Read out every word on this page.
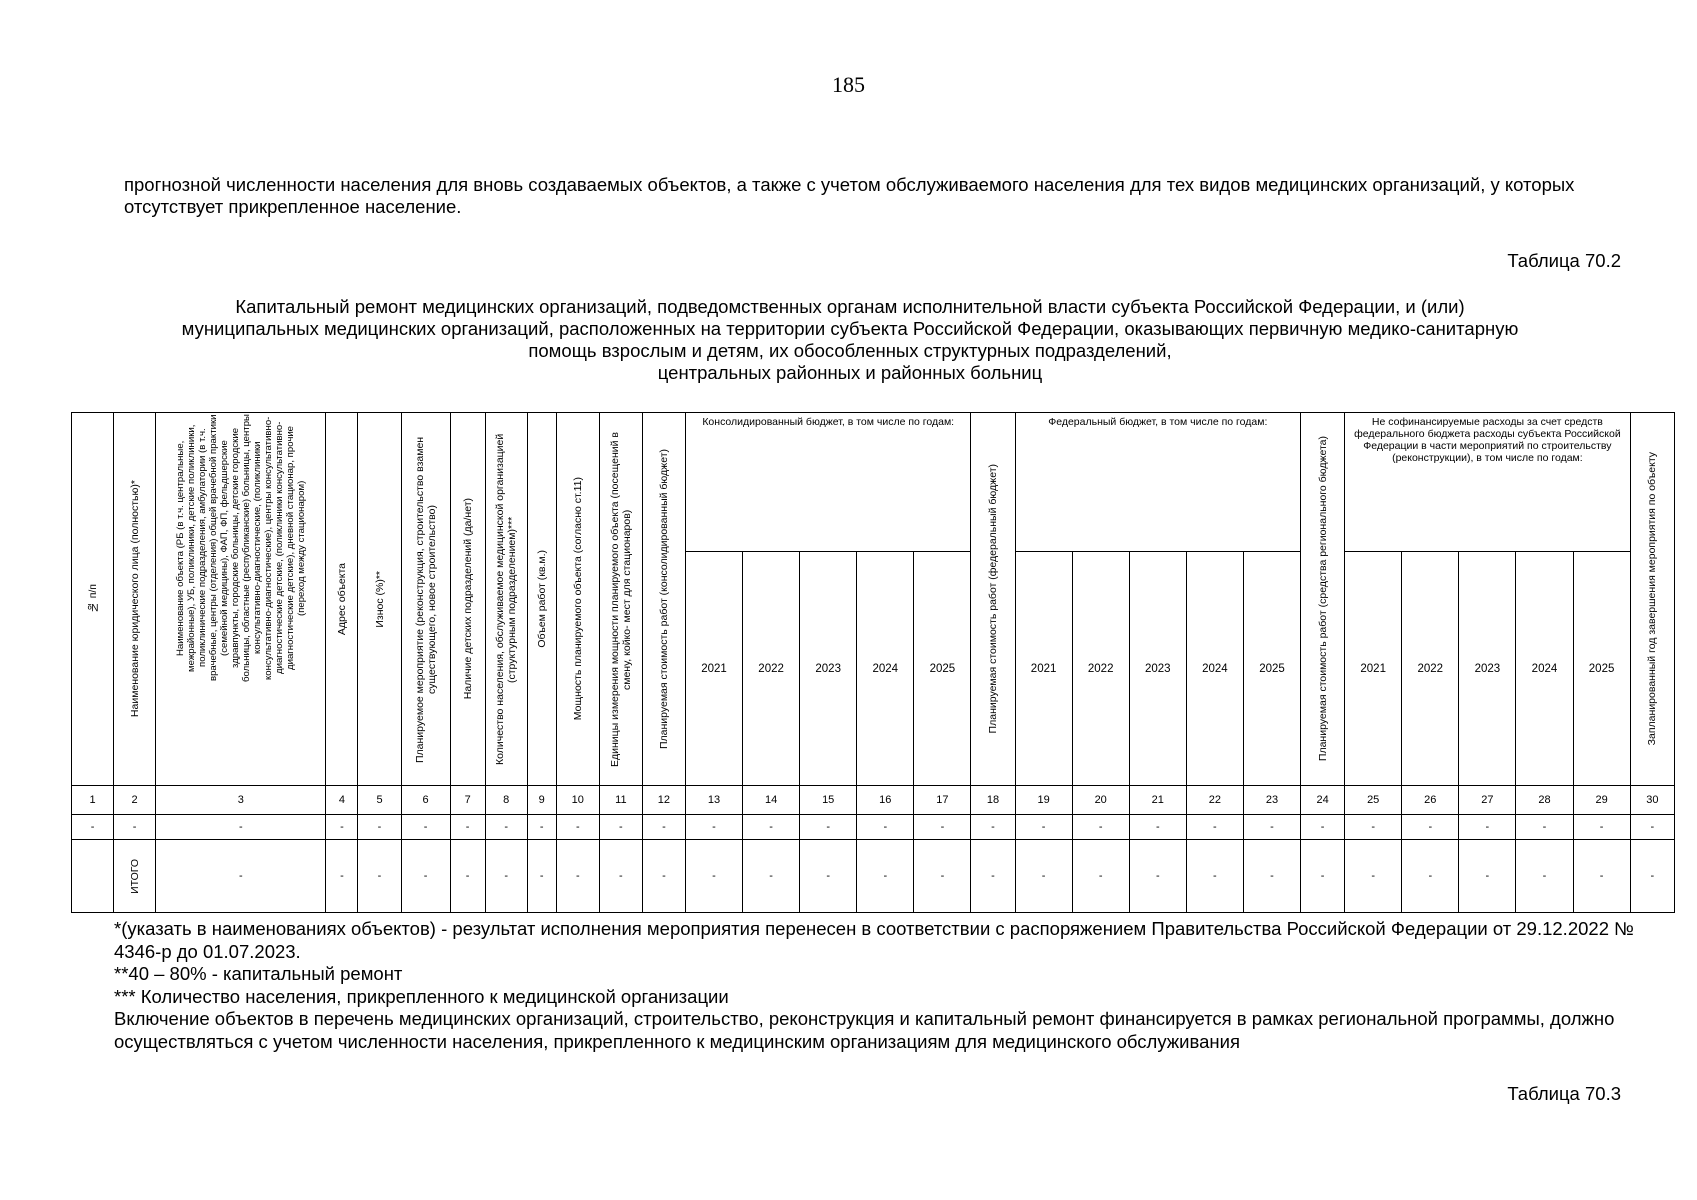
185
прогнозной численности населения для вновь создаваемых объектов, а также с учетом обслуживаемого населения для тех видов медицинских организаций, у которых отсутствует прикрепленное население.
Таблица 70.2
Капитальный ремонт медицинских организаций, подведомственных органам исполнительной власти субъекта Российской Федерации, и (или)
муниципальных медицинских организаций, расположенных на территории субъекта Российской Федерации, оказывающих первичную медико-санитарную
помощь взрослым и детям, их обособленных структурных подразделений,
центральных районных и районных больниц
№ п/п	Наименование юридического лица (полностью)*	Наименование объекта (РБ (в т.ч. центральные, межрайонные), УБ, поликлиники, детские поликлиники, поликлинические подразделения, амбулатории (в т.ч. врачебные, центры (отделения) общей врачебной практики (семейной медицины), ФАП, ФП, фельдшерские здравпункты, городские больницы, детские городские больницы, областные (республиканские) больницы, центры консультативно-диагностические, (поликлиники консультативно-диагностические), центры консультативно-диагностические детские, (поликлиники консультативно-диагностические детские), дневной стационар, прочие (переход между стационаром)	Адрес объекта	Износ (%)**	Планируемое мероприятие (реконструкция, строительство взамен существующего, новое строительство)	Наличие детских подразделений (да/нет)	Количество населения, обслуживаемое медицинской организацией (структурным подразделением)***	Объем работ (кв.м.)	Мощность планируемого объекта (согласно ст.11)	Единицы измерения мощности планируемого объекта (посещений в смену, койко- мест для стационаров)	Планируемая стоимость работ (консолидированный бюджет)	Консолидированный бюджет, в том числе по годам:					Планируемая стоимость работ (федеральный бюджет)	Федеральный бюджет, в том числе по годам:					Планируемая стоимость работ (средства регионального бюджета)	Не софинансируемые расходы за счет средств федерального бюджета расходы субъекта Российской Федерации в части мероприятий по строительству (реконструкции), в том числе по годам:					Запланированный год завершения мероприятия по объекту

												2021	2022	2023	2024	2025		2021	2022	2023	2024	2025		2021	2022	2023	2024	2025	
1	2	3	4	5	6	7	8	9	10	11	12	13	14	15	16	17	18	19	20	21	22	23	24	25	26	27	28	29	30
-	-	-	-	-	-	-	-	-	-	-	-	-	-	-	-	-	-	-	-	-	-	-	-	-	-	-	-	-	-

	ИТОГО	-	-	-	-	-	-	-	-	-	-	-	-	-	-	-	-	-	-	-	-	-	-	-	-	-	-	-	-
*(указать в наименованиях объектов) - результат исполнения мероприятия перенесен в соответствии с распоряжением Правительства Российской Федерации от 29.12.2022 № 4346-р до 01.07.2023.
**40 – 80% - капитальный ремонт
*** Количество населения, прикрепленного к медицинской организации
Включение объектов в перечень медицинских организаций, строительство, реконструкция и капитальный ремонт финансируется в рамках региональной программы, должно осуществляться с учетом численности населения, прикрепленного к медицинским организациям для медицинского обслуживания
Таблица 70.3
